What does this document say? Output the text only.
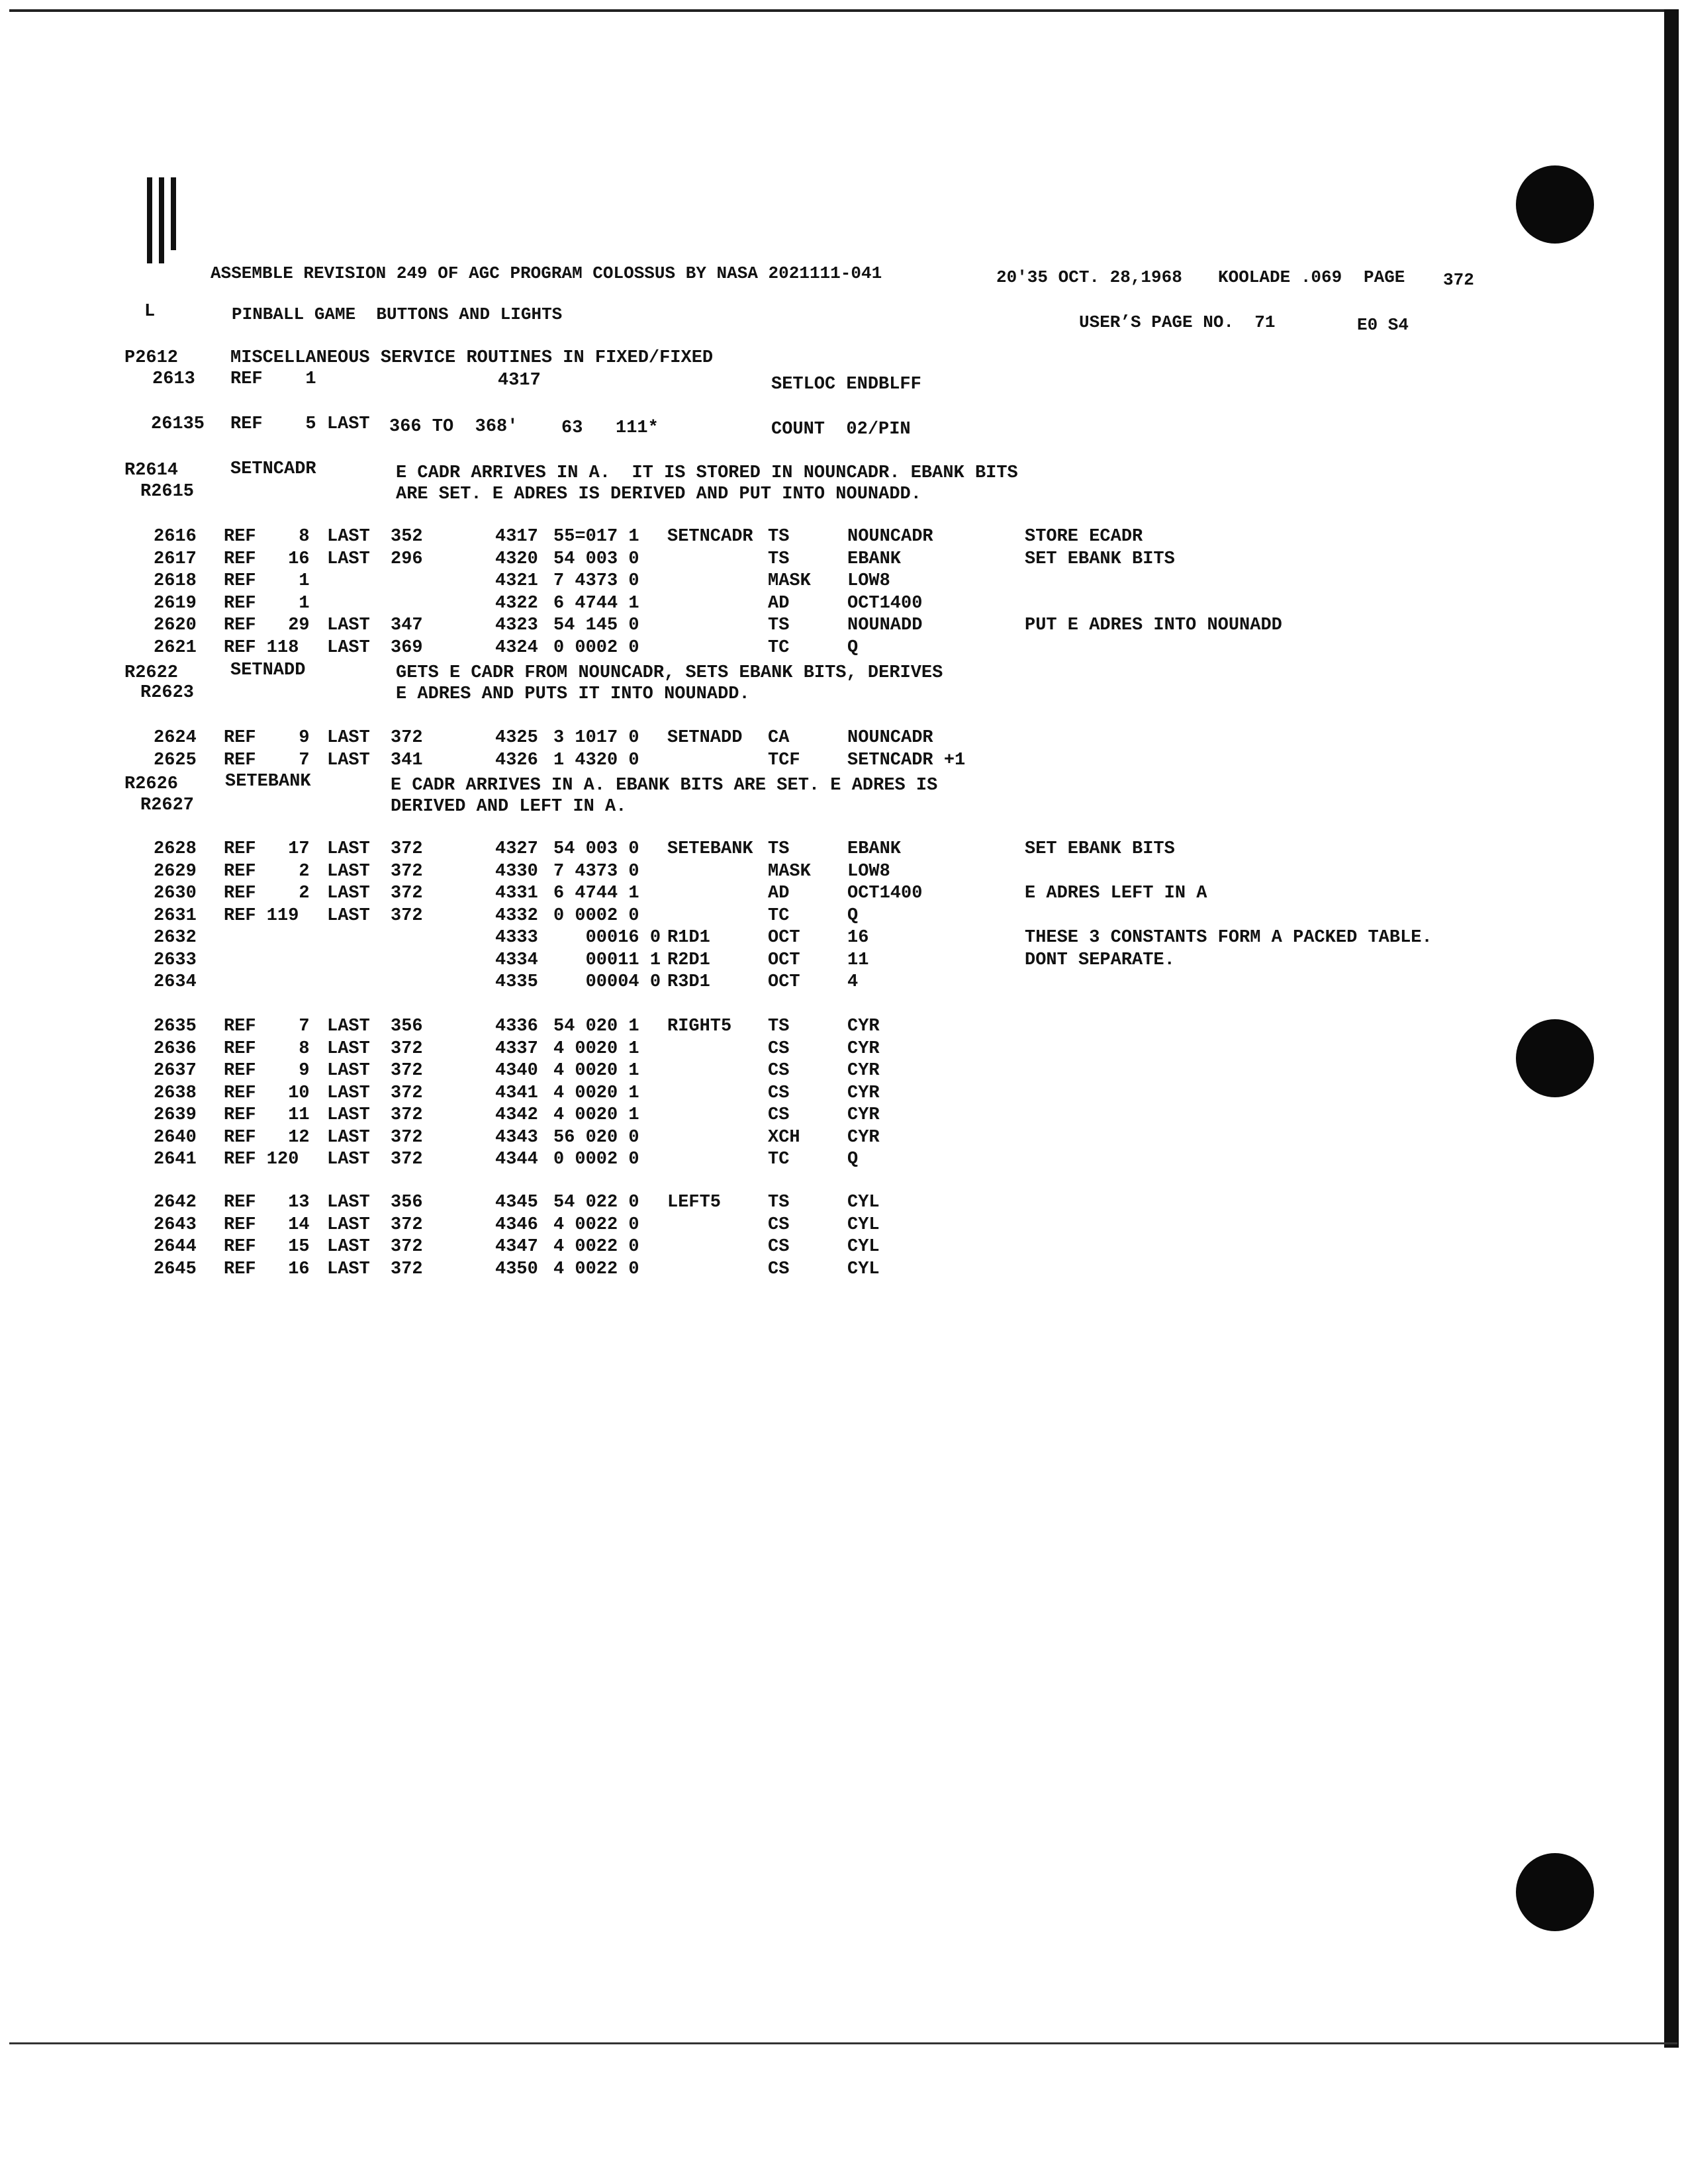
ASSEMBLE REVISION 249 OF AGC PROGRAM COLOSSUS BY NASA 2021111-041	20'35 OCT. 28,1968 KOOLADE .069 PAGE 372
L	PINBALL GAME  BUTTONS AND LIGHTS	USER’S PAGE NO.  71	E0 S4
P2612	MISCELLANEOUS SERVICE ROUTINES IN FIXED/FIXED
2613 REF    1	4317	SETLOC ENDBLFF
26135 REF    5 LAST 366 TO  368' 63 111*	COUNT  02/PIN
R2614	SETNCADR	E CADR ARRIVES IN A.  IT IS STORED IN NOUNCADR. EBANK BITS
R2615	ARE SET. E ADRES IS DERIVED AND PUT INTO NOUNADD.
2616 REF    8 LAST 352	4317 55=017 1 SETNCADR TS	NOUNCADR	STORE ECADR
2617 REF   16 LAST 296	4320 54 003 0	TS	EBANK	SET EBANK BITS
2618 REF    1	4321 7 4373 0	MASK LOW8
2619 REF    1	4322 6 4744 1	AD	OCT1400
2620 REF   29 LAST 347	4323 54 145 0	TS	NOUNADD	PUT E ADRES INTO NOUNADD
2621 REF 118 LAST 369	4324 0 0002 0	TC	Q
R2622	SETNADD	GETS E CADR FROM NOUNCADR, SETS EBANK BITS, DERIVES
R2623	E ADRES AND PUTS IT INTO NOUNADD.
2624 REF    9 LAST 372	4325 3 1017 0 SETNADD CA	NOUNCADR
2625 REF    7 LAST 341	4326 1 4320 0	TCF	SETNCADR +1
R2626	SETEBANK	E CADR ARRIVES IN A. EBANK BITS ARE SET. E ADRES IS
R2627	DERIVED AND LEFT IN A.
2628 REF   17 LAST 372	4327 54 003 0 SETEBANK TS	EBANK	SET EBANK BITS
2629 REF    2 LAST 372	4330 7 4373 0	MASK LOW8
2630 REF    2 LAST 372	4331 6 4744 1	AD	OCT1400	E ADRES LEFT IN A
2631 REF 119 LAST 372	4332 0 0002 0	TC	Q
2632	4333 00016 0 R1D1	OCT	16	THESE 3 CONSTANTS FORM A PACKED TABLE.
2633	4334 00011 1 R2D1	OCT	11	DONT SEPARATE.
2634	4335 00004 0 R3D1	OCT	4
2635 REF    7 LAST 356	4336 54 020 1 RIGHT5 TS	CYR
2636 REF    8 LAST 372	4337 4 0020 1	CS	CYR
2637 REF    9 LAST 372	4340 4 0020 1	CS	CYR
2638 REF   10 LAST 372	4341 4 0020 1	CS	CYR
2639 REF   11 LAST 372	4342 4 0020 1	CS	CYR
2640 REF   12 LAST 372	4343 56 020 0	XCH	CYR
2641 REF 120 LAST 372	4344 0 0002 0	TC	Q
2642 REF   13 LAST 356	4345 54 022 0 LEFT5	TS	CYL
2643 REF   14 LAST 372	4346 4 0022 0	CS	CYL
2644 REF   15 LAST 372	4347 4 0022 0	CS	CYL
2645 REF   16 LAST 372	4350 4 0022 0	CS	CYL
